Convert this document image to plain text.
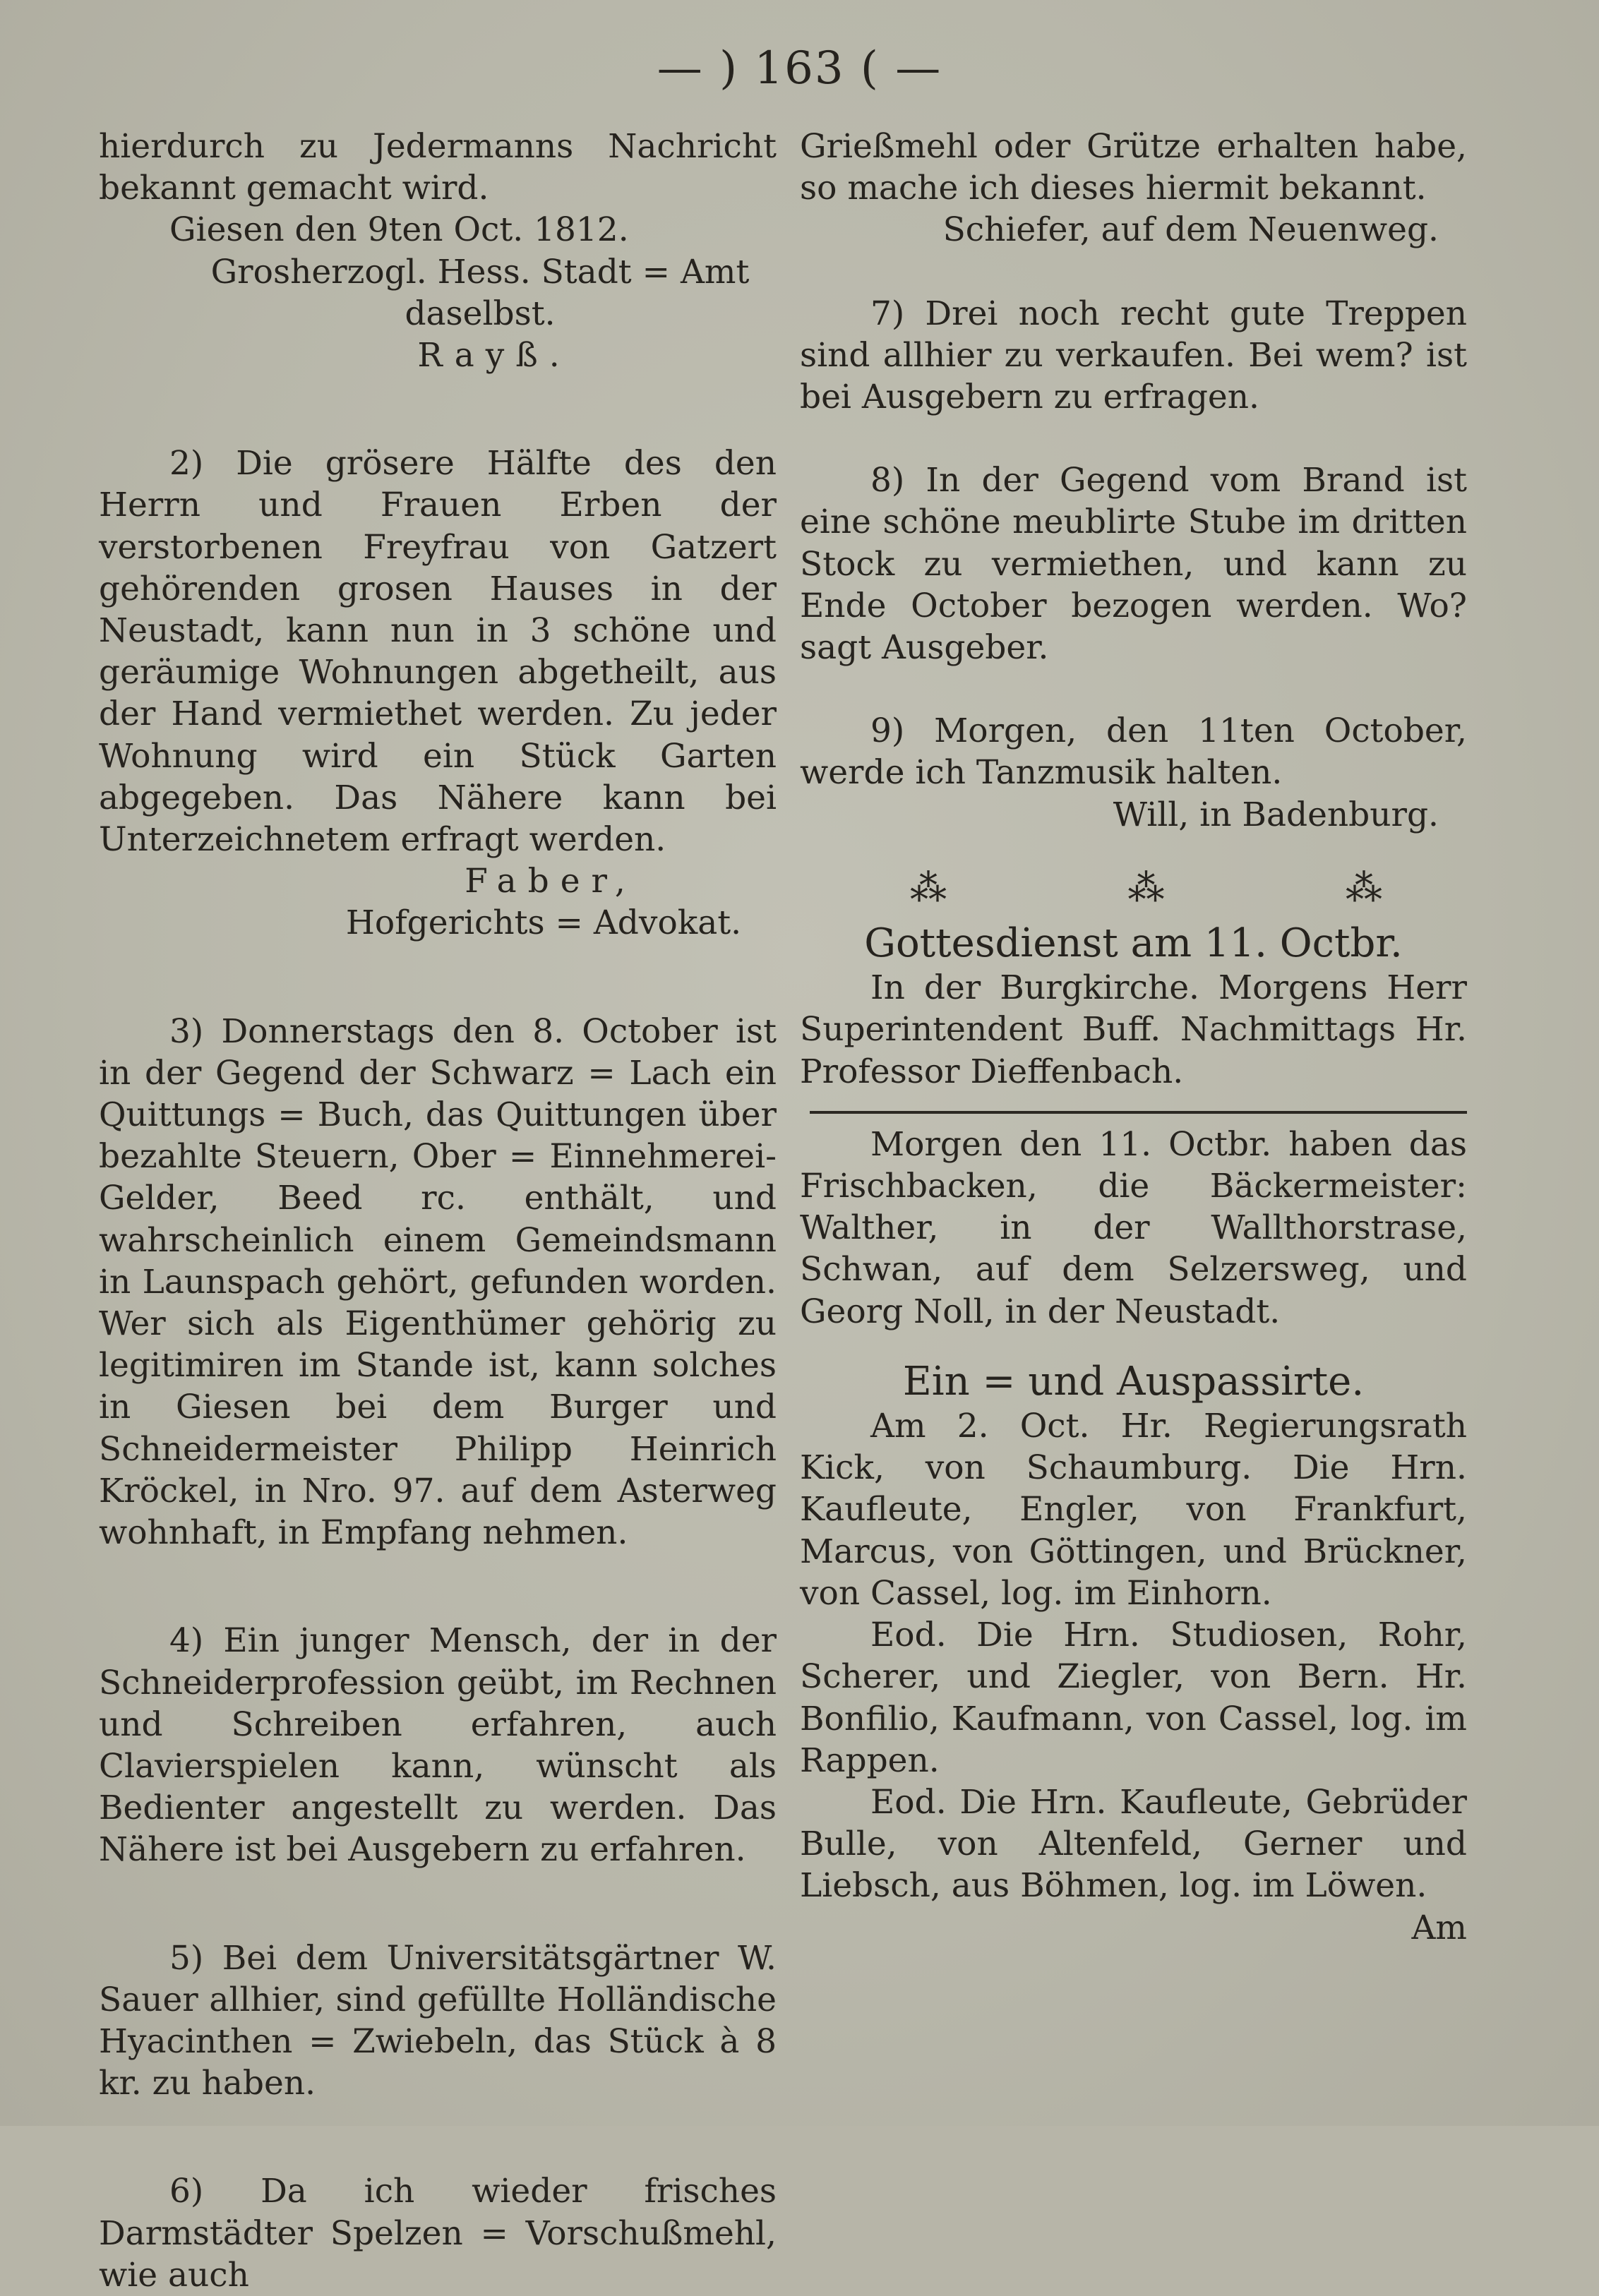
— ) 163 ( —

hierdurch zu Jedermanns Nachricht bekannt gemacht wird.

Giesen den 9ten Oct. 1812.

Grosherzogl. Hess. Stadt = Amt

daselbst.

Rayß.

2) Die grösere Hälfte des den Herrn und Frauen Erben der verstorbenen Freyfrau von Gatzert gehörenden grosen Hauses in der Neustadt, kann nun in 3 schöne und geräumige Wohnungen abgetheilt, aus der Hand vermiethet werden. Zu jeder Wohnung wird ein Stück Garten abgegeben. Das Nähere kann bei Unterzeichnetem erfragt werden.

Faber,

Hofgerichts = Advokat.

3) Donnerstags den 8. October ist in der Gegend der Schwarz = Lach ein Quittungs = Buch, das Quittungen über bezahlte Steuern, Ober = Einnehmerei-Gelder, Beed rc. enthält, und wahrscheinlich einem Gemeindsmann in Launspach gehört, gefunden worden. Wer sich als Eigenthümer gehörig zu legitimiren im Stande ist, kann solches in Giesen bei dem Burger und Schneidermeister Philipp Heinrich Kröckel, in Nro. 97. auf dem Asterweg wohnhaft, in Empfang nehmen.

4) Ein junger Mensch, der in der Schneiderprofession geübt, im Rechnen und Schreiben erfahren, auch Clavierspielen kann, wünscht als Bedienter angestellt zu werden. Das Nähere ist bei Ausgebern zu erfahren.

5) Bei dem Universitätsgärtner W. Sauer allhier, sind gefüllte Holländische Hyacinthen = Zwiebeln, das Stück à 8 kr. zu haben.

6) Da ich wieder frisches Darmstädter Spelzen = Vorschußmehl, wie auch

Grießmehl oder Grütze erhalten habe, so mache ich dieses hiermit bekannt.

Schiefer, auf dem Neuenweg.

7) Drei noch recht gute Treppen sind allhier zu verkaufen. Bei wem? ist bei Ausgebern zu erfragen.

8) In der Gegend vom Brand ist eine schöne meublirte Stube im dritten Stock zu vermiethen, und kann zu Ende October bezogen werden. Wo? sagt Ausgeber.

9) Morgen, den 11ten October, werde ich Tanzmusik halten.

Will, in Badenburg.

⁂ ⁂ ⁂
Gottesdienst am 11. Octbr.

In der Burgkirche. Morgens Herr Superintendent Buff. Nachmittags Hr. Professor Dieffenbach.

Morgen den 11. Octbr. haben das Frischbacken, die Bäckermeister: Walther, in der Wallthorstrase, Schwan, auf dem Selzersweg, und Georg Noll, in der Neustadt.

Ein = und Auspassirte.

Am 2. Oct. Hr. Regierungsrath Kick, von Schaumburg. Die Hrn. Kaufleute, Engler, von Frankfurt, Marcus, von Göttingen, und Brückner, von Cassel, log. im Einhorn.

Eod. Die Hrn. Studiosen, Rohr, Scherer, und Ziegler, von Bern. Hr. Bonfilio, Kaufmann, von Cassel, log. im Rappen.

Eod. Die Hrn. Kaufleute, Gebrüder Bulle, von Altenfeld, Gerner und Liebsch, aus Böhmen, log. im Löwen.

Am
